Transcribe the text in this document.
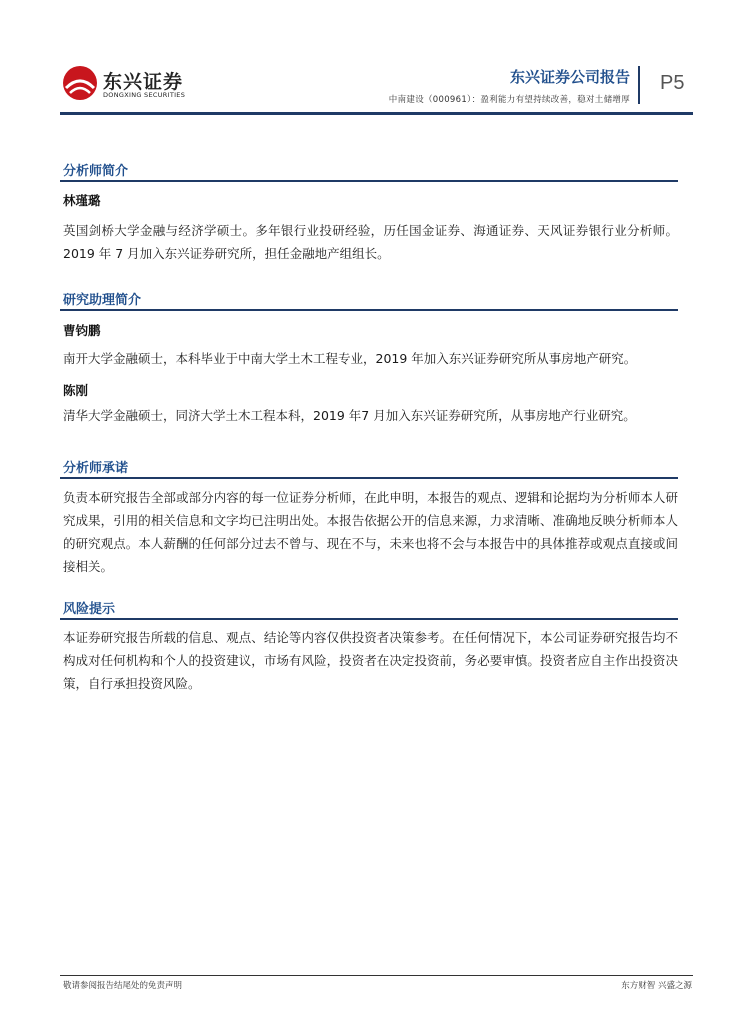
东兴证券
DONGXING SECURITIES
东兴证券公司报告
中南建设（000961）：盈利能力有望持续改善，稳对土储增厚
P5
分析师简介
林瑾璐
英国剑桥大学金融与经济学硕士。多年银行业投研经验，历任国金证券、海通证券、天风证券银行业分析师。2019 年 7 月加入东兴证券研究所，担任金融地产组组长。
研究助理简介
曹钧鹏
南开大学金融硕士，本科毕业于中南大学土木工程专业，2019 年加入东兴证券研究所从事房地产研究。
陈刚
清华大学金融硕士，同济大学土木工程本科，2019 年7 月加入东兴证券研究所，从事房地产行业研究。
分析师承诺
负责本研究报告全部或部分内容的每一位证券分析师，在此申明，本报告的观点、逻辑和论据均为分析师本人研究成果，引用的相关信息和文字均已注明出处。本报告依据公开的信息来源，力求清晰、准确地反映分析师本人的研究观点。本人薪酬的任何部分过去不曾与、现在不与，未来也将不会与本报告中的具体推荐或观点直接或间接相关。
风险提示
本证券研究报告所载的信息、观点、结论等内容仅供投资者决策参考。在任何情况下，本公司证券研究报告均不构成对任何机构和个人的投资建议，市场有风险，投资者在决定投资前，务必要审慎。投资者应自主作出投资决策，自行承担投资风险。
敬请参阅报告结尾处的免责声明	东方财智 兴盛之源
